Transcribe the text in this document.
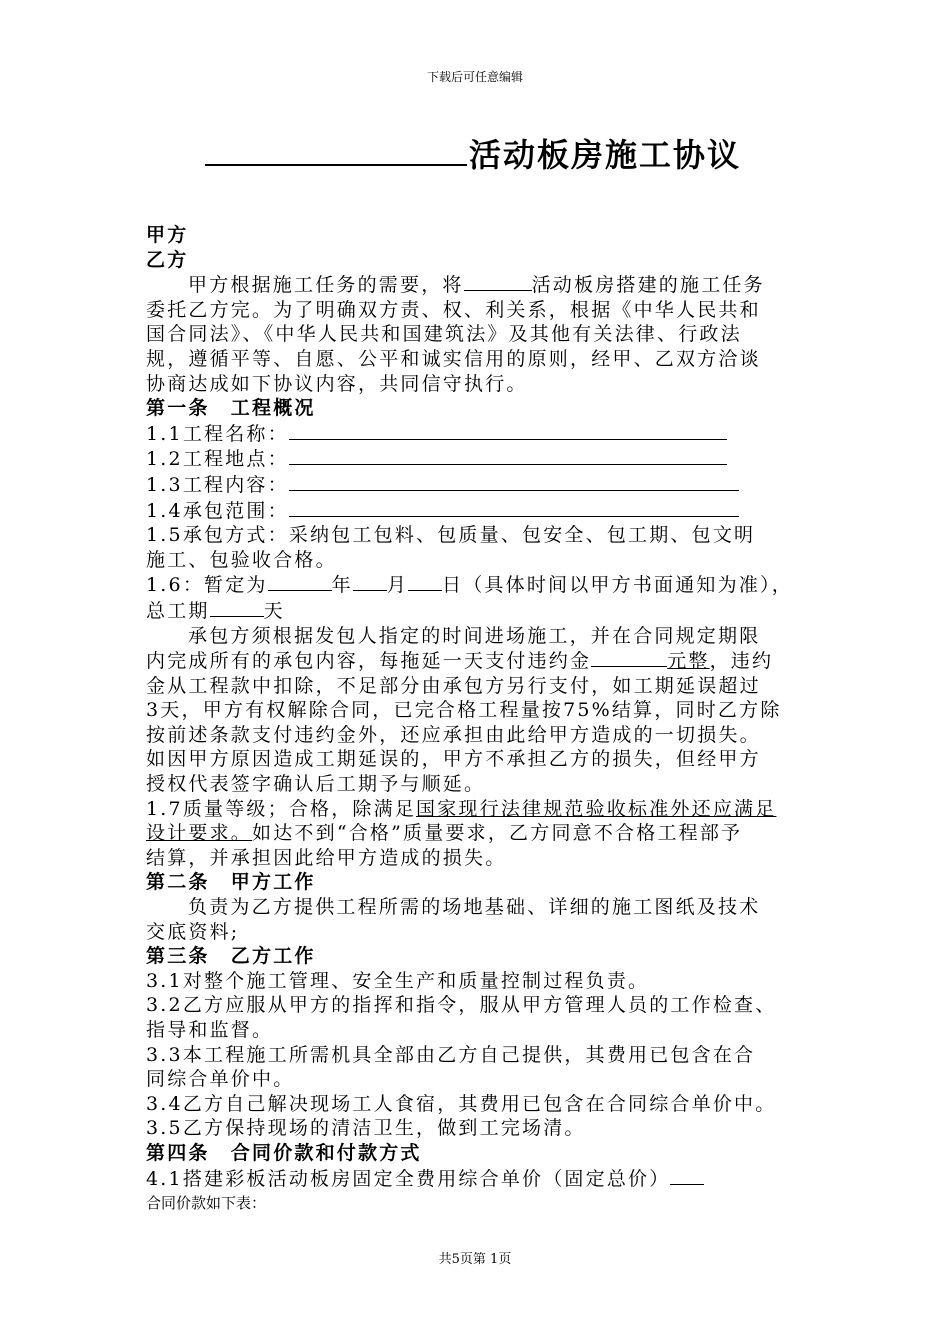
下载后可任意编辑
活动板房施工协议

甲方

乙方

甲方根据施工任务的需要，将	活动板房搭建的施工任务

委托乙方完。为了明确双方责、权、利关系，根据《中华人民共和

国合同法》、《中华人民共和国建筑法》及其他有关法律、行政法

规，遵循平等、自愿、公平和诚实信用的原则，经甲、乙双方洽谈

协商达成如下协议内容，共同信守执行。

第一条　工程概况

1.1工程名称：

1.2工程地点：

1.3工程内容：

1.4承包范围：

1.5承包方式：采纳包工包料、包质量、包安全、包工期、包文明

施工、包验收合格。

1.6：暂定为	年 月 日（具体时间以甲方书面通知为准），

总工期	天

承包方须根据发包人指定的时间进场施工，并在合同规定期限

内完成所有的承包内容，每拖延一天支付违约金	元整，违约

金从工程款中扣除，不足部分由承包方另行支付，如工期延误超过

3天，甲方有权解除合同，已完合格工程量按75%结算，同时乙方除

按前述条款支付违约金外，还应承担由此给甲方造成的一切损失。

如因甲方原因造成工期延误的，甲方不承担乙方的损失，但经甲方

授权代表签字确认后工期予与顺延。

1.7质量等级；合格，除满足国家现行法律规范验收标准外还应满足

设计要求。如达不到“合格”质量要求，乙方同意不合格工程部予

结算，并承担因此给甲方造成的损失。

第二条　甲方工作

负责为乙方提供工程所需的场地基础、详细的施工图纸及技术

交底资料;

第三条　乙方工作

3.1对整个施工管理、安全生产和质量控制过程负责。

3.2乙方应服从甲方的指挥和指令，服从甲方管理人员的工作检查、

指导和监督。

3.3本工程施工所需机具全部由乙方自己提供，其费用已包含在合

同综合单价中。

3.4乙方自己解决现场工人食宿，其费用已包含在合同综合单价中。

3.5乙方保持现场的清洁卫生，做到工完场清。

第四条　合同价款和付款方式

4.1搭建彩板活动板房固定全费用综合单价（固定总价）

合同价款如下表：

共5页第 1页
